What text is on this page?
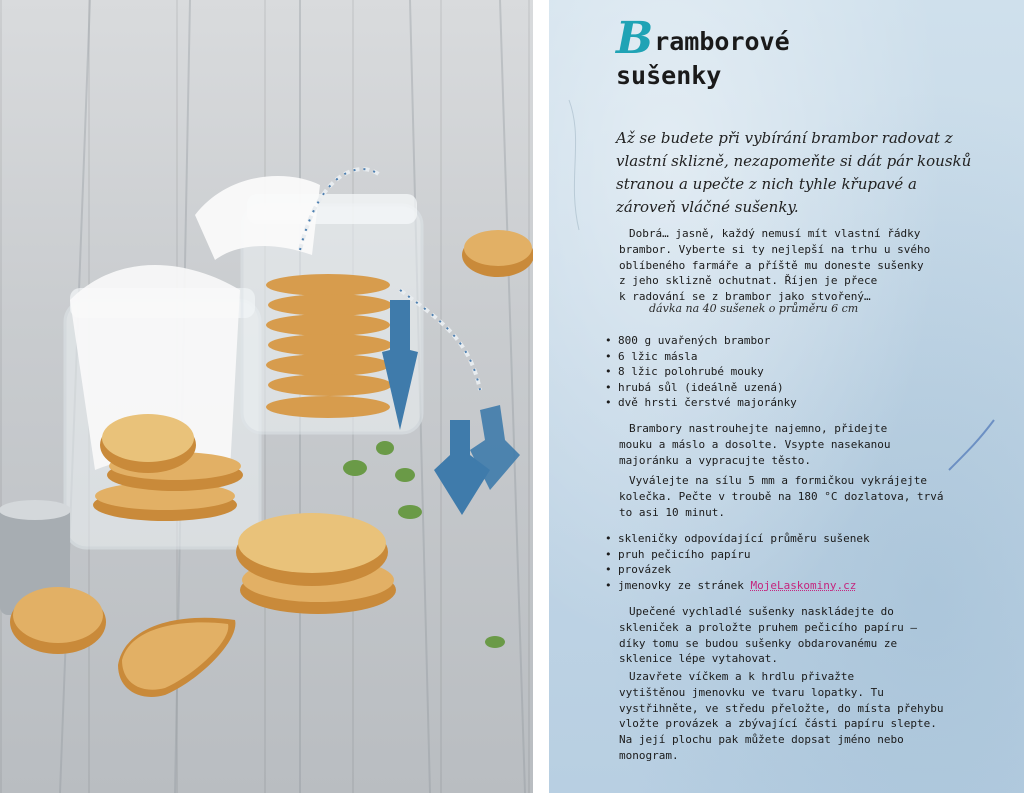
Bramborové
sušenky

Až se budete při vybírání brambor radovat z vlastní sklizně, nezapomeňte si dát pár kousků stranou a upečte z nich tyhle křupavé a zároveň vláčné sušenky.

Dobrá… jasně, každý nemusí mít vlastní řádky
brambor. Vyberte si ty nejlepší na trhu u svého
oblíbeného farmáře a příště mu doneste sušenky
z jeho sklizně ochutnat. Říjen je přece
k radování se z brambor jako stvořený…

dávka na 40 sušenek o průměru 6 cm

• 800 g uvařených brambor
• 6 lžic másla
• 8 lžic polohrubé mouky
• hrubá sůl (ideálně uzená)
• dvě hrsti čerstvé majoránky
Brambory nastrouhejte najemno, přidejte
mouku a máslo a dosolte. Vsypte nasekanou
majoránku a vypracujte těsto.
Vyválejte na sílu 5 mm a formičkou vykrájejte
kolečka. Pečte v troubě na 180 °C dozlatova, trvá
to asi 10 minut.
• skleničky odpovídající průměru sušenek
• pruh pečicího papíru
• provázek
• jmenovky ze stránek MojeLaskominy.cz
Upečené vychladlé sušenky naskládejte do
skleniček a proložte pruhem pečicího papíru –
díky tomu se budou sušenky obdarovanému ze
sklenice lépe vytahovat.
Uzavřete víčkem a k hrdlu přivažte
vytištěnou jmenovku ve tvaru lopatky. Tu
vystřihněte, ve středu přeložte, do místa přehybu
vložte provázek a zbývající části papíru slepte.
Na její plochu pak můžete dopsat jméno nebo
monogram.
